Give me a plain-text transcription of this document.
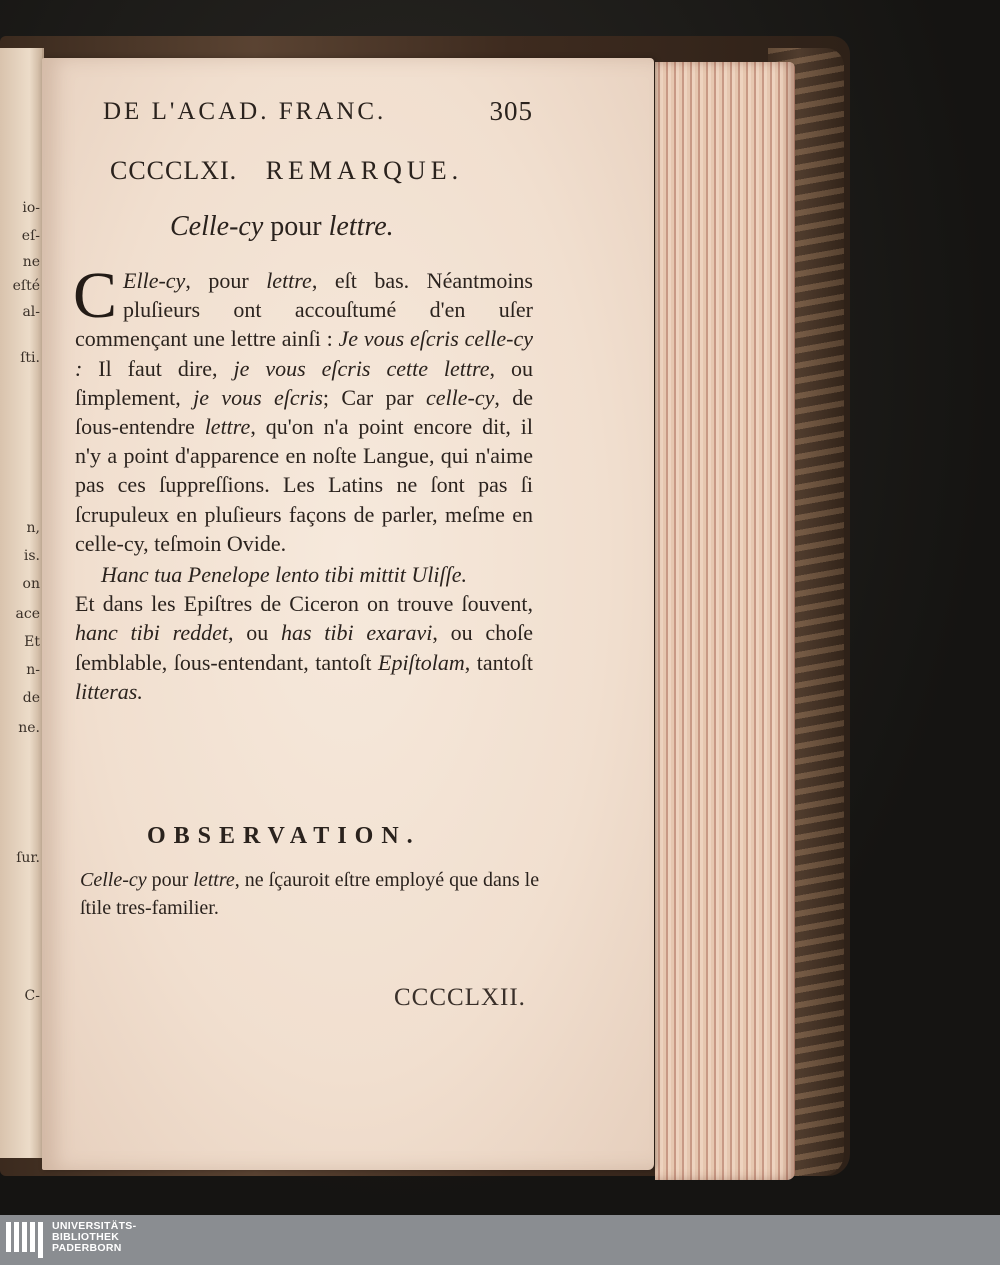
io-
eſ-
ne
eſté
al-
ſti.
n,
is.
on
ace
Et
n-
de
ne.
ſur.
C-
DE L'ACAD. FRANC.	305
CCCCLXI. REMARQUE.
Celle-cy pour lettre.
C Elle-cy, pour lettre, eſt bas. Néantmoins pluſieurs ont accouſtumé d'en uſer commençant une lettre ainſi : Je vous eſcris celle-cy : Il faut dire, je vous eſcris cette lettre, ou ſimplement, je vous eſcris; Car par celle-cy, de ſous-entendre lettre, qu'on n'a point encore dit, il n'y a point d'apparence en noſte Langue, qui n'aime pas ces ſuppreſſions. Les Latins ne ſont pas ſi ſcrupuleux en pluſieurs façons de parler, meſme en celle-cy, teſmoin Ovide.
Hanc tua Penelope lento tibi mittit Uliſſe.
Et dans les Epiſtres de Ciceron on trouve ſouvent, hanc tibi reddet, ou has tibi exaravi, ou choſe ſemblable, ſous-entendant, tantoſt Epiſtolam, tantoſt litteras.
OBSERVATION.
Celle-cy pour lettre, ne ſçauroit eſtre employé que dans le ſtile tres-familier.
CCCCLXII.
UNIVERSITÄTS-
BIBLIOTHEK
PADERBORN
